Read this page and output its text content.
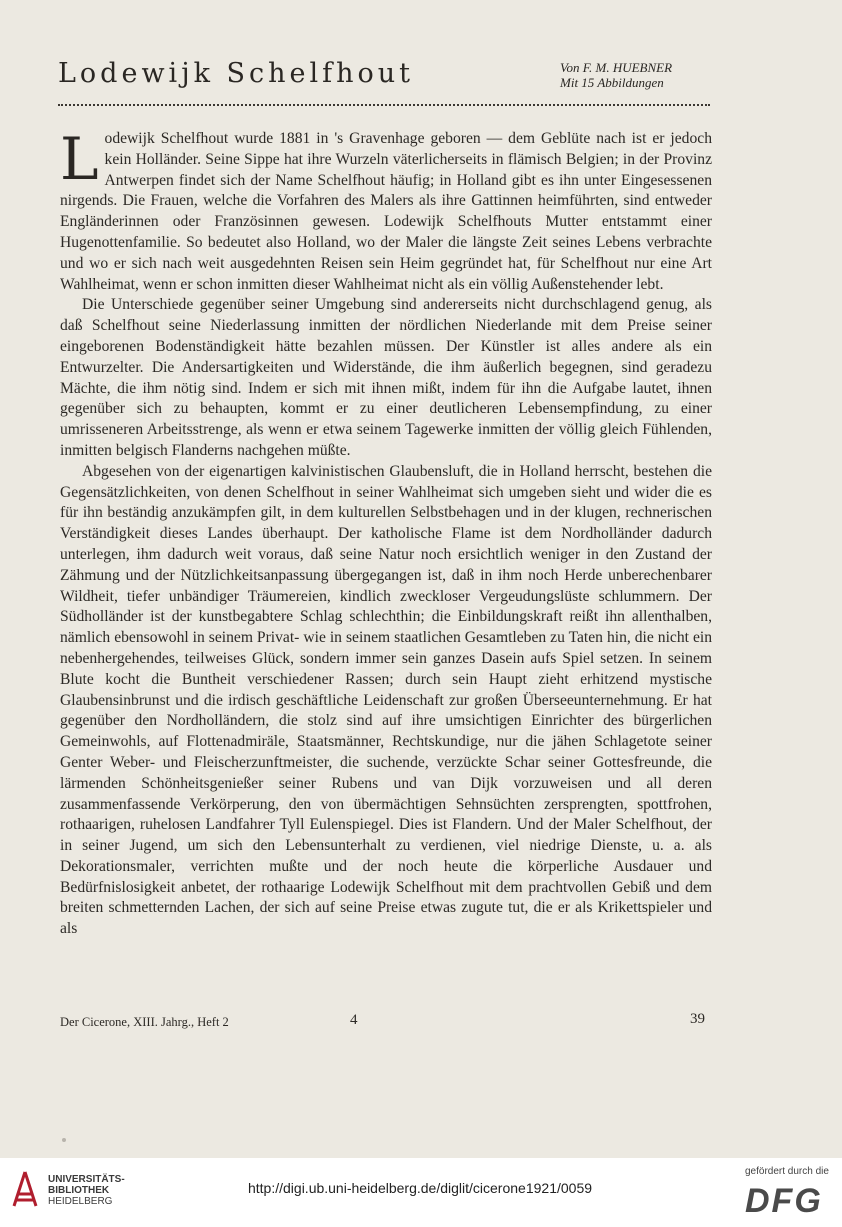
Lodewijk Schelfhout	Von F. M. HUEBNER
Mit 15 Abbildungen

Lodewijk Schelfhout wurde 1881 in 's Gravenhage geboren — dem Geblüte nach ist er jedoch kein Holländer. Seine Sippe hat ihre Wurzeln väterlicherseits in flämisch Belgien; in der Provinz Antwerpen findet sich der Name Schelfhout häufig; in Holland gibt es ihn unter Eingesessenen nirgends. Die Frauen, welche die Vorfahren des Malers als ihre Gattinnen heimführten, sind entweder Engländerinnen oder Französinnen gewesen. Lodewijk Schelfhouts Mutter entstammt einer Hugenottenfamilie. So bedeutet also Holland, wo der Maler die längste Zeit seines Lebens verbrachte und wo er sich nach weit ausgedehnten Reisen sein Heim gegründet hat, für Schelfhout nur eine Art Wahlheimat, wenn er schon inmitten dieser Wahlheimat nicht als ein völlig Außenstehender lebt.

Die Unterschiede gegenüber seiner Umgebung sind andererseits nicht durchschlagend genug, als daß Schelfhout seine Niederlassung inmitten der nördlichen Niederlande mit dem Preise seiner eingeborenen Bodenständigkeit hätte bezahlen müssen. Der Künstler ist alles andere als ein Entwurzelter. Die Andersartigkeiten und Widerstände, die ihm äußerlich begegnen, sind geradezu Mächte, die ihm nötig sind. Indem er sich mit ihnen mißt, indem für ihn die Aufgabe lautet, ihnen gegenüber sich zu behaupten, kommt er zu einer deutlicheren Lebensempfindung, zu einer umrisseneren Arbeitsstrenge, als wenn er etwa seinem Tagewerke inmitten der völlig gleich Fühlenden, inmitten belgisch Flanderns nachgehen müßte.

Abgesehen von der eigenartigen kalvinistischen Glaubensluft, die in Holland herrscht, bestehen die Gegensätzlichkeiten, von denen Schelfhout in seiner Wahlheimat sich umgeben sieht und wider die es für ihn beständig anzukämpfen gilt, in dem kulturellen Selbstbehagen und in der klugen, rechnerischen Verständigkeit dieses Landes überhaupt. Der katholische Flame ist dem Nordholländer dadurch unterlegen, ihm dadurch weit voraus, daß seine Natur noch ersichtlich weniger in den Zustand der Zähmung und der Nützlichkeitsanpassung übergegangen ist, daß in ihm noch Herde unberechenbarer Wildheit, tiefer unbändiger Träumereien, kindlich zweckloser Vergeudungslüste schlummern. Der Südholländer ist der kunstbegabtere Schlag schlechthin; die Einbildungskraft reißt ihn allenthalben, nämlich ebensowohl in seinem Privat- wie in seinem staatlichen Gesamtleben zu Taten hin, die nicht ein nebenhergehendes, teilweises Glück, sondern immer sein ganzes Dasein aufs Spiel setzen. In seinem Blute kocht die Buntheit verschiedener Rassen; durch sein Haupt zieht erhitzend mystische Glaubensinbrunst und die irdisch geschäftliche Leidenschaft zur großen Überseeunternehmung. Er hat gegenüber den Nordholländern, die stolz sind auf ihre umsichtigen Einrichter des bürgerlichen Gemeinwohls, auf Flottenadmiräle, Staatsmänner, Rechtskundige, nur die jähen Schlagetote seiner Genter Weber- und Fleischerzunftmeister, die suchende, verzückte Schar seiner Gottesfreunde, die lärmenden Schönheitsgenießer seiner Rubens und van Dijk vorzuweisen und all deren zusammenfassende Verkörperung, den von übermächtigen Sehnsüchten zersprengten, spottfrohen, rothaarigen, ruhelosen Landfahrer Tyll Eulenspiegel. Dies ist Flandern. Und der Maler Schelfhout, der in seiner Jugend, um sich den Lebensunterhalt zu verdienen, viel niedrige Dienste, u. a. als Dekorationsmaler, verrichten mußte und der noch heute die körperliche Ausdauer und Bedürfnislosigkeit anbetet, der rothaarige Lodewijk Schelfhout mit dem prachtvollen Gebiß und dem breiten schmetternden Lachen, der sich auf seine Preise etwas zugute tut, die er als Krikettspieler und als

Der Cicerone, XIII. Jahrg., Heft 2	4	39
UNIVERSITÄTS-
BIBLIOTHEK
HEIDELBERG
http://digi.ub.uni-heidelberg.de/diglit/cicerone1921/0059
gefördert durch die
DFG
